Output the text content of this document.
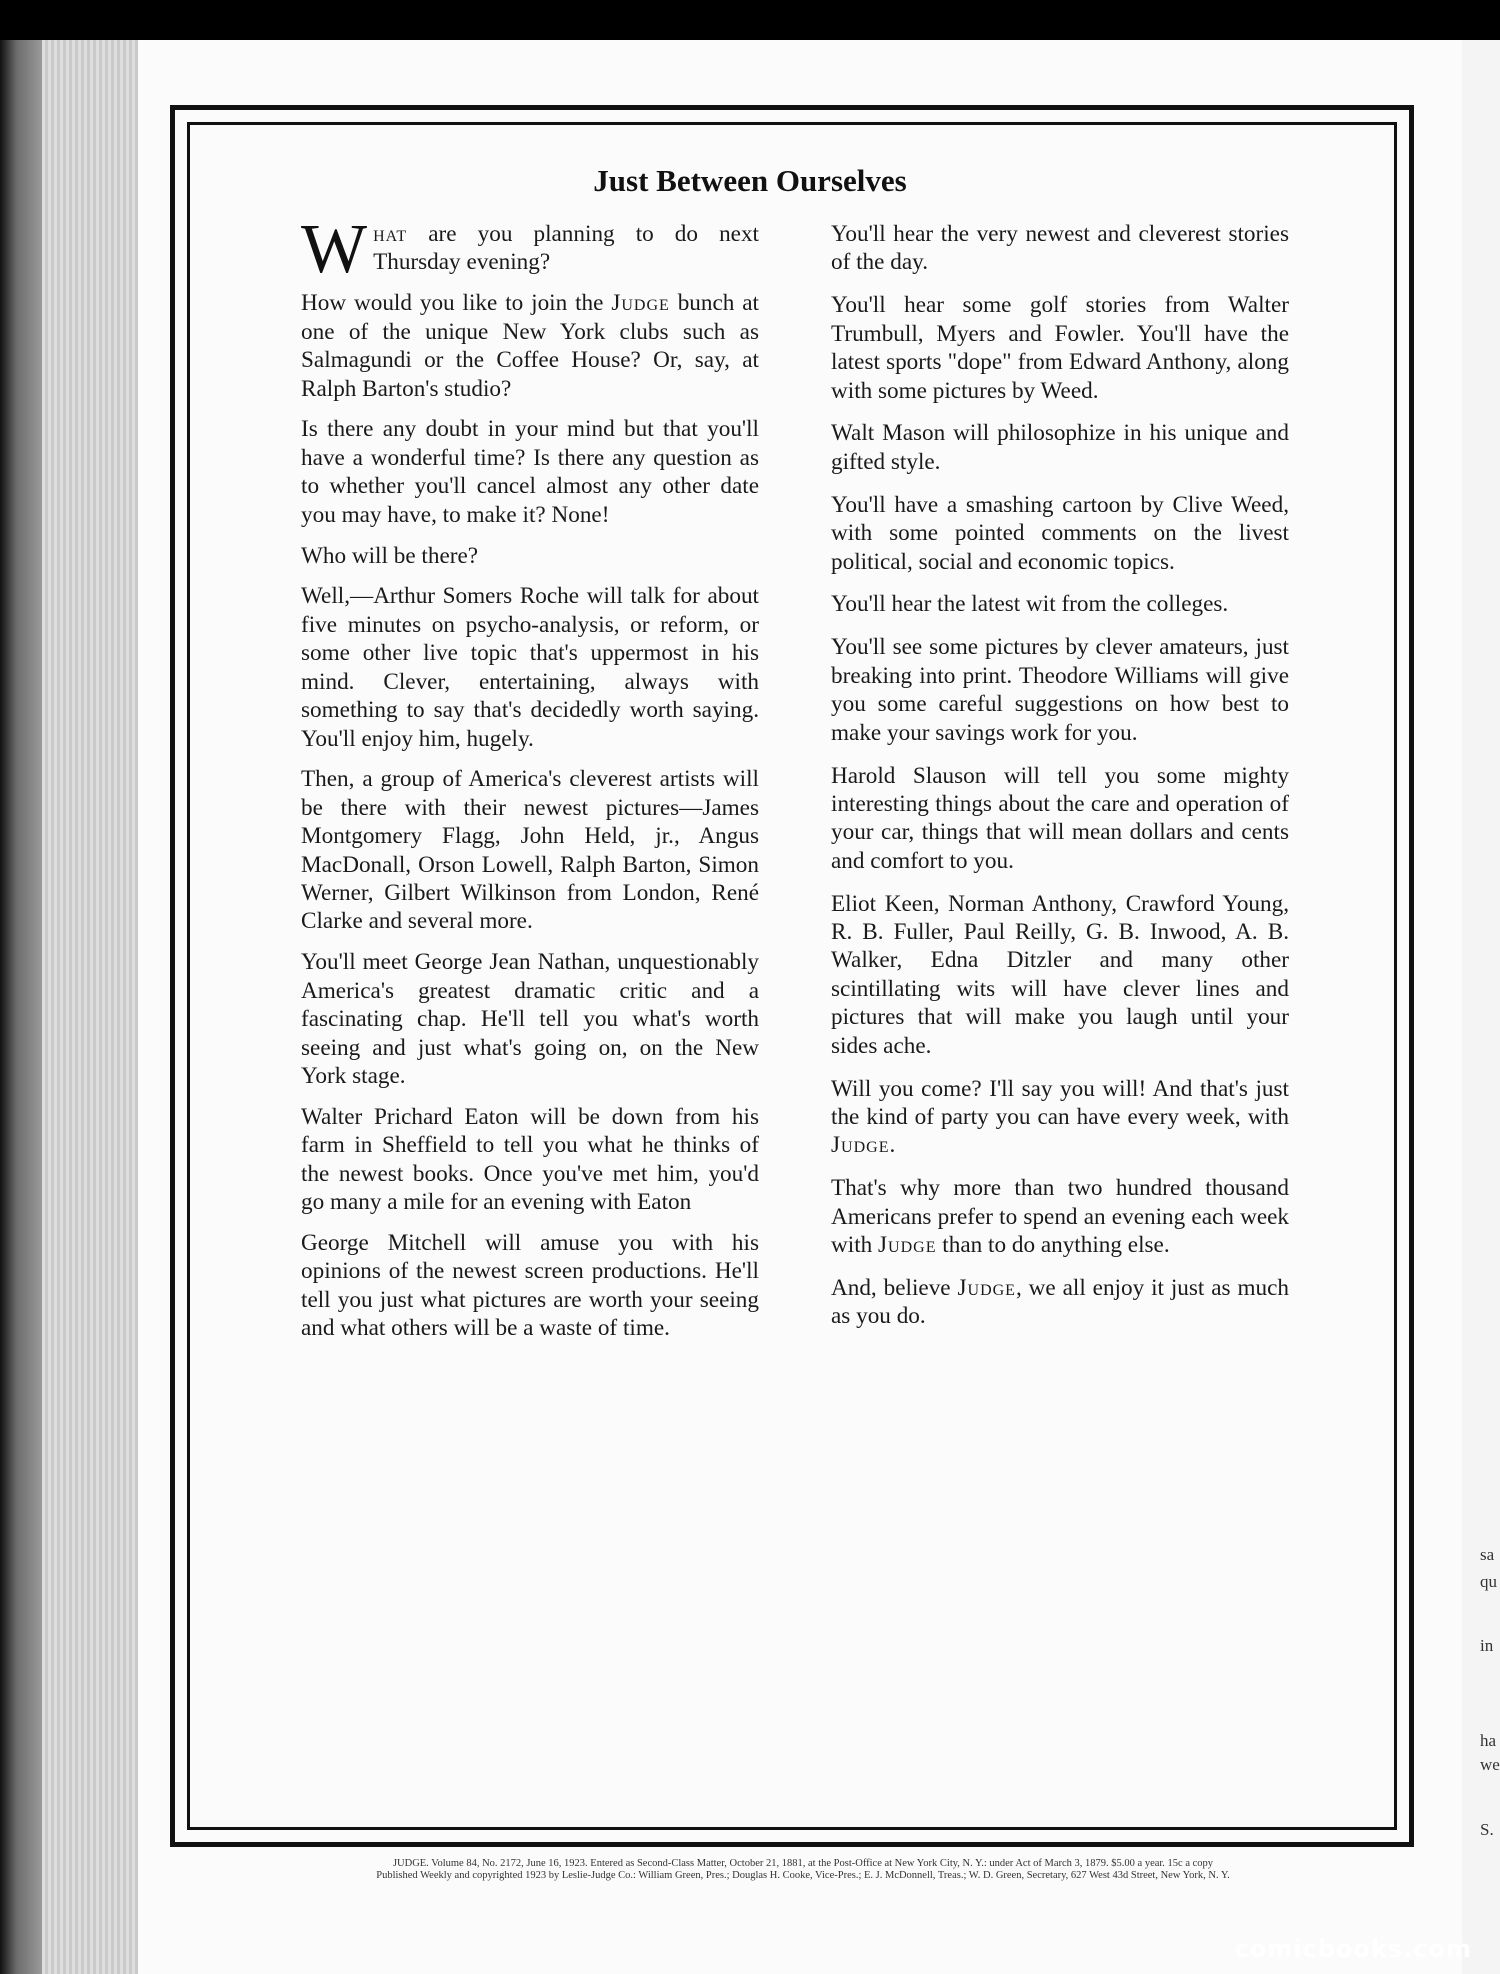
sa
qu
in
ha
we
S.
Just Between Ourselves

What are you planning to do next Thursday evening?

How would you like to join the Judge bunch at one of the unique New York clubs such as Salmagundi or the Coffee House? Or, say, at Ralph Barton's studio?

Is there any doubt in your mind but that you'll have a wonderful time? Is there any question as to whether you'll cancel almost any other date you may have, to make it? None!

Who will be there?

Well,—Arthur Somers Roche will talk for about five minutes on psycho-analysis, or reform, or some other live topic that's uppermost in his mind. Clever, entertaining, always with something to say that's decidedly worth saying. You'll enjoy him, hugely.

Then, a group of America's cleverest artists will be there with their newest pictures—James Montgomery Flagg, John Held, jr., Angus MacDonall, Orson Lowell, Ralph Barton, Simon Werner, Gilbert Wilkinson from London, René Clarke and several more.

You'll meet George Jean Nathan, unquestionably America's greatest dramatic critic and a fascinating chap. He'll tell you what's worth seeing and just what's going on, on the New York stage.

Walter Prichard Eaton will be down from his farm in Sheffield to tell you what he thinks of the newest books. Once you've met him, you'd go many a mile for an evening with Eaton

George Mitchell will amuse you with his opinions of the newest screen productions. He'll tell you just what pictures are worth your seeing and what others will be a waste of time.

You'll hear the very newest and cleverest stories of the day.

You'll hear some golf stories from Walter Trumbull, Myers and Fowler. You'll have the latest sports "dope" from Edward Anthony, along with some pictures by Weed.

Walt Mason will philosophize in his unique and gifted style.

You'll have a smashing cartoon by Clive Weed, with some pointed comments on the livest political, social and economic topics.

You'll hear the latest wit from the colleges.

You'll see some pictures by clever amateurs, just breaking into print. Theodore Williams will give you some careful suggestions on how best to make your savings work for you.

Harold Slauson will tell you some mighty interesting things about the care and operation of your car, things that will mean dollars and cents and comfort to you.

Eliot Keen, Norman Anthony, Crawford Young, R. B. Fuller, Paul Reilly, G. B. Inwood, A. B. Walker, Edna Ditzler and many other scintillating wits will have clever lines and pictures that will make you laugh until your sides ache.

Will you come? I'll say you will! And that's just the kind of party you can have every week, with Judge.

That's why more than two hundred thousand Americans prefer to spend an evening each week with Judge than to do anything else.

And, believe Judge, we all enjoy it just as much as you do.

JUDGE. Volume 84, No. 2172, June 16, 1923. Entered as Second-Class Matter, October 21, 1881, at the Post-Office at New York City, N. Y.: under Act of March 3, 1879. $5.00 a year. 15c a copy
Published Weekly and copyrighted 1923 by Leslie-Judge Co.: William Green, Pres.; Douglas H. Cooke, Vice-Pres.; E. J. McDonnell, Treas.; W. D. Green, Secretary, 627 West 43d Street, New York, N. Y.
comicbooks.com
